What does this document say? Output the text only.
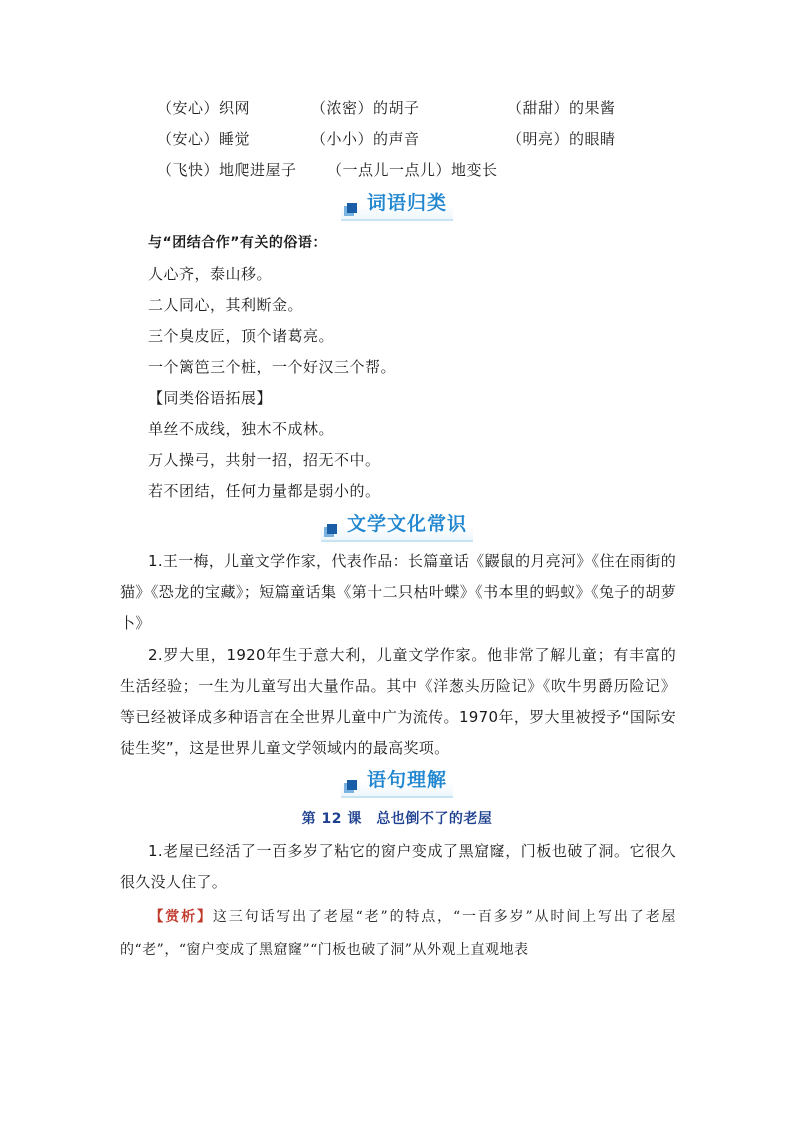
（安心）织网	（浓密）的胡子	（甜甜）的果酱
（安心）睡觉	（小小）的声音	（明亮）的眼睛
（飞快）地爬进屋子 （一点儿一点儿）地变长
词语归类
与“团结合作”有关的俗语：
人心齐，泰山移。
二人同心，其利断金。
三个臭皮匠，顶个诸葛亮。
一个篱笆三个桩，一个好汉三个帮。
【同类俗语拓展】
单丝不成线，独木不成林。
万人操弓，共射一招，招无不中。
若不团结，任何力量都是弱小的。
文学文化常识
1.王一梅，儿童文学作家，代表作品：长篇童话《鼹鼠的月亮河》《住在雨街的猫》《恐龙的宝藏》；短篇童话集《第十二只枯叶蝶》《书本里的蚂蚁》《兔子的胡萝卜》
2.罗大里，1920年生于意大利，儿童文学作家。他非常了解儿童；有丰富的生活经验；一生为儿童写出大量作品。其中《洋葱头历险记》《吹牛男爵历险记》等已经被译成多种语言在全世界儿童中广为流传。1970年，罗大里被授予“国际安徒生奖”，这是世界儿童文学领域内的最高奖项。
语句理解
第 12 课　总也倒不了的老屋
1.老屋已经活了一百多岁了粘它的窗户变成了黑窟窿，门板也破了洞。它很久很久没人住了。
【赏析】这三句话写出了老屋“老”的特点，“一百多岁”从时间上写出了老屋的“老”，“窗户变成了黑窟窿”“门板也破了洞”从外观上直观地表
